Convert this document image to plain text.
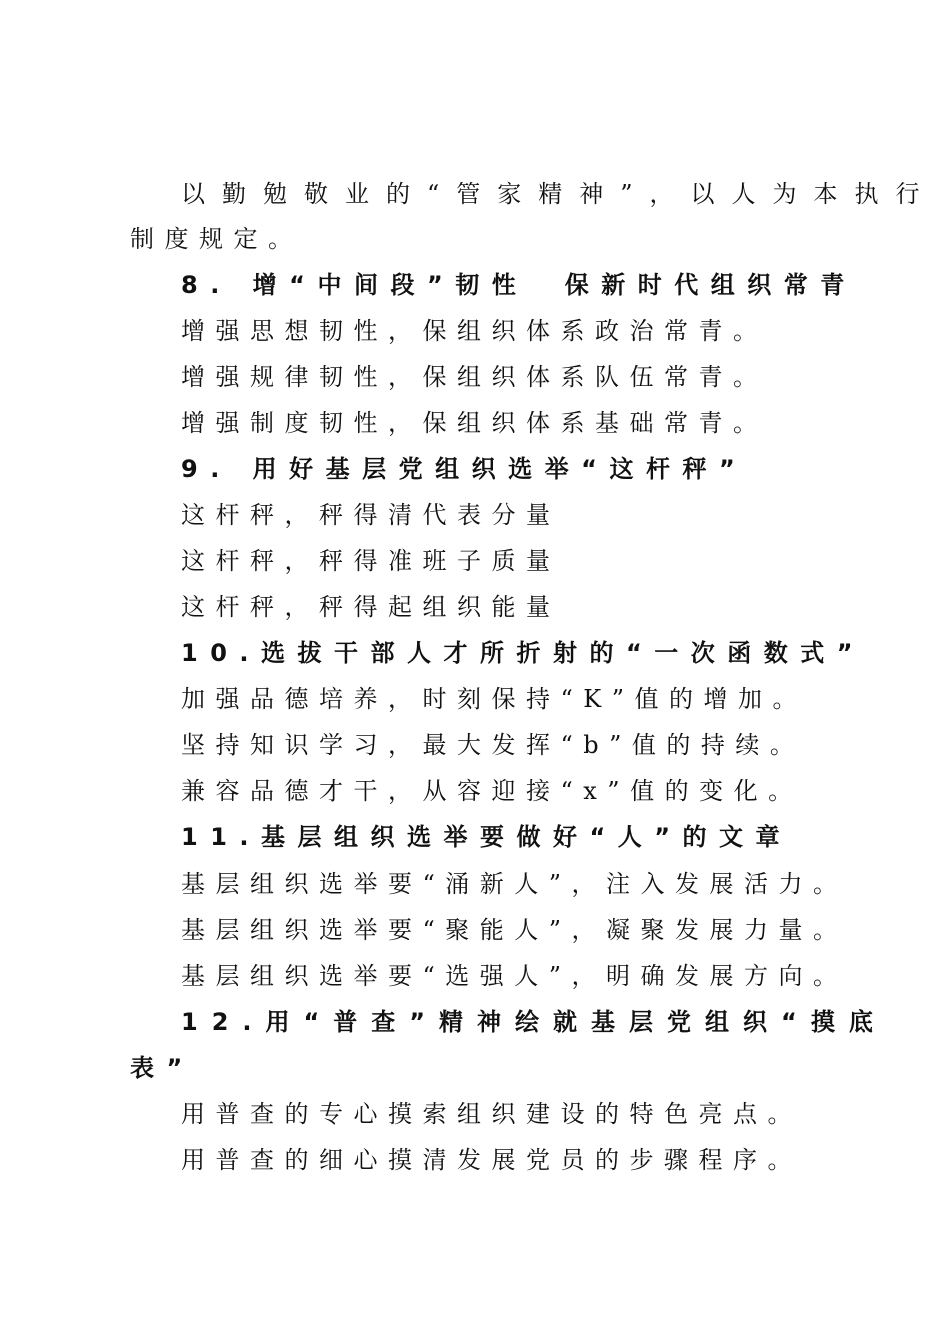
以勤勉敬业的“管家精神”，以人为本执行
制度规定。
8. 增“中间段”韧性　保新时代组织常青
增强思想韧性，保组织体系政治常青。
增强规律韧性，保组织体系队伍常青。
增强制度韧性，保组织体系基础常青。
9. 用好基层党组织选举“这杆秤”
这杆秤，秤得清代表分量
这杆秤，秤得准班子质量
这杆秤，秤得起组织能量
10.选拔干部人才所折射的“一次函数式”
加强品德培养，时刻保持“K”值的增加。
坚持知识学习，最大发挥“b”值的持续。
兼容品德才干，从容迎接“x”值的变化。
11.基层组织选举要做好“人”的文章
基层组织选举要“涌新人”，注入发展活力。
基层组织选举要“聚能人”，凝聚发展力量。
基层组织选举要“选强人”，明确发展方向。
12.用“普查”精神绘就基层党组织“摸底
表”
用普查的专心摸索组织建设的特色亮点。
用普查的细心摸清发展党员的步骤程序。
